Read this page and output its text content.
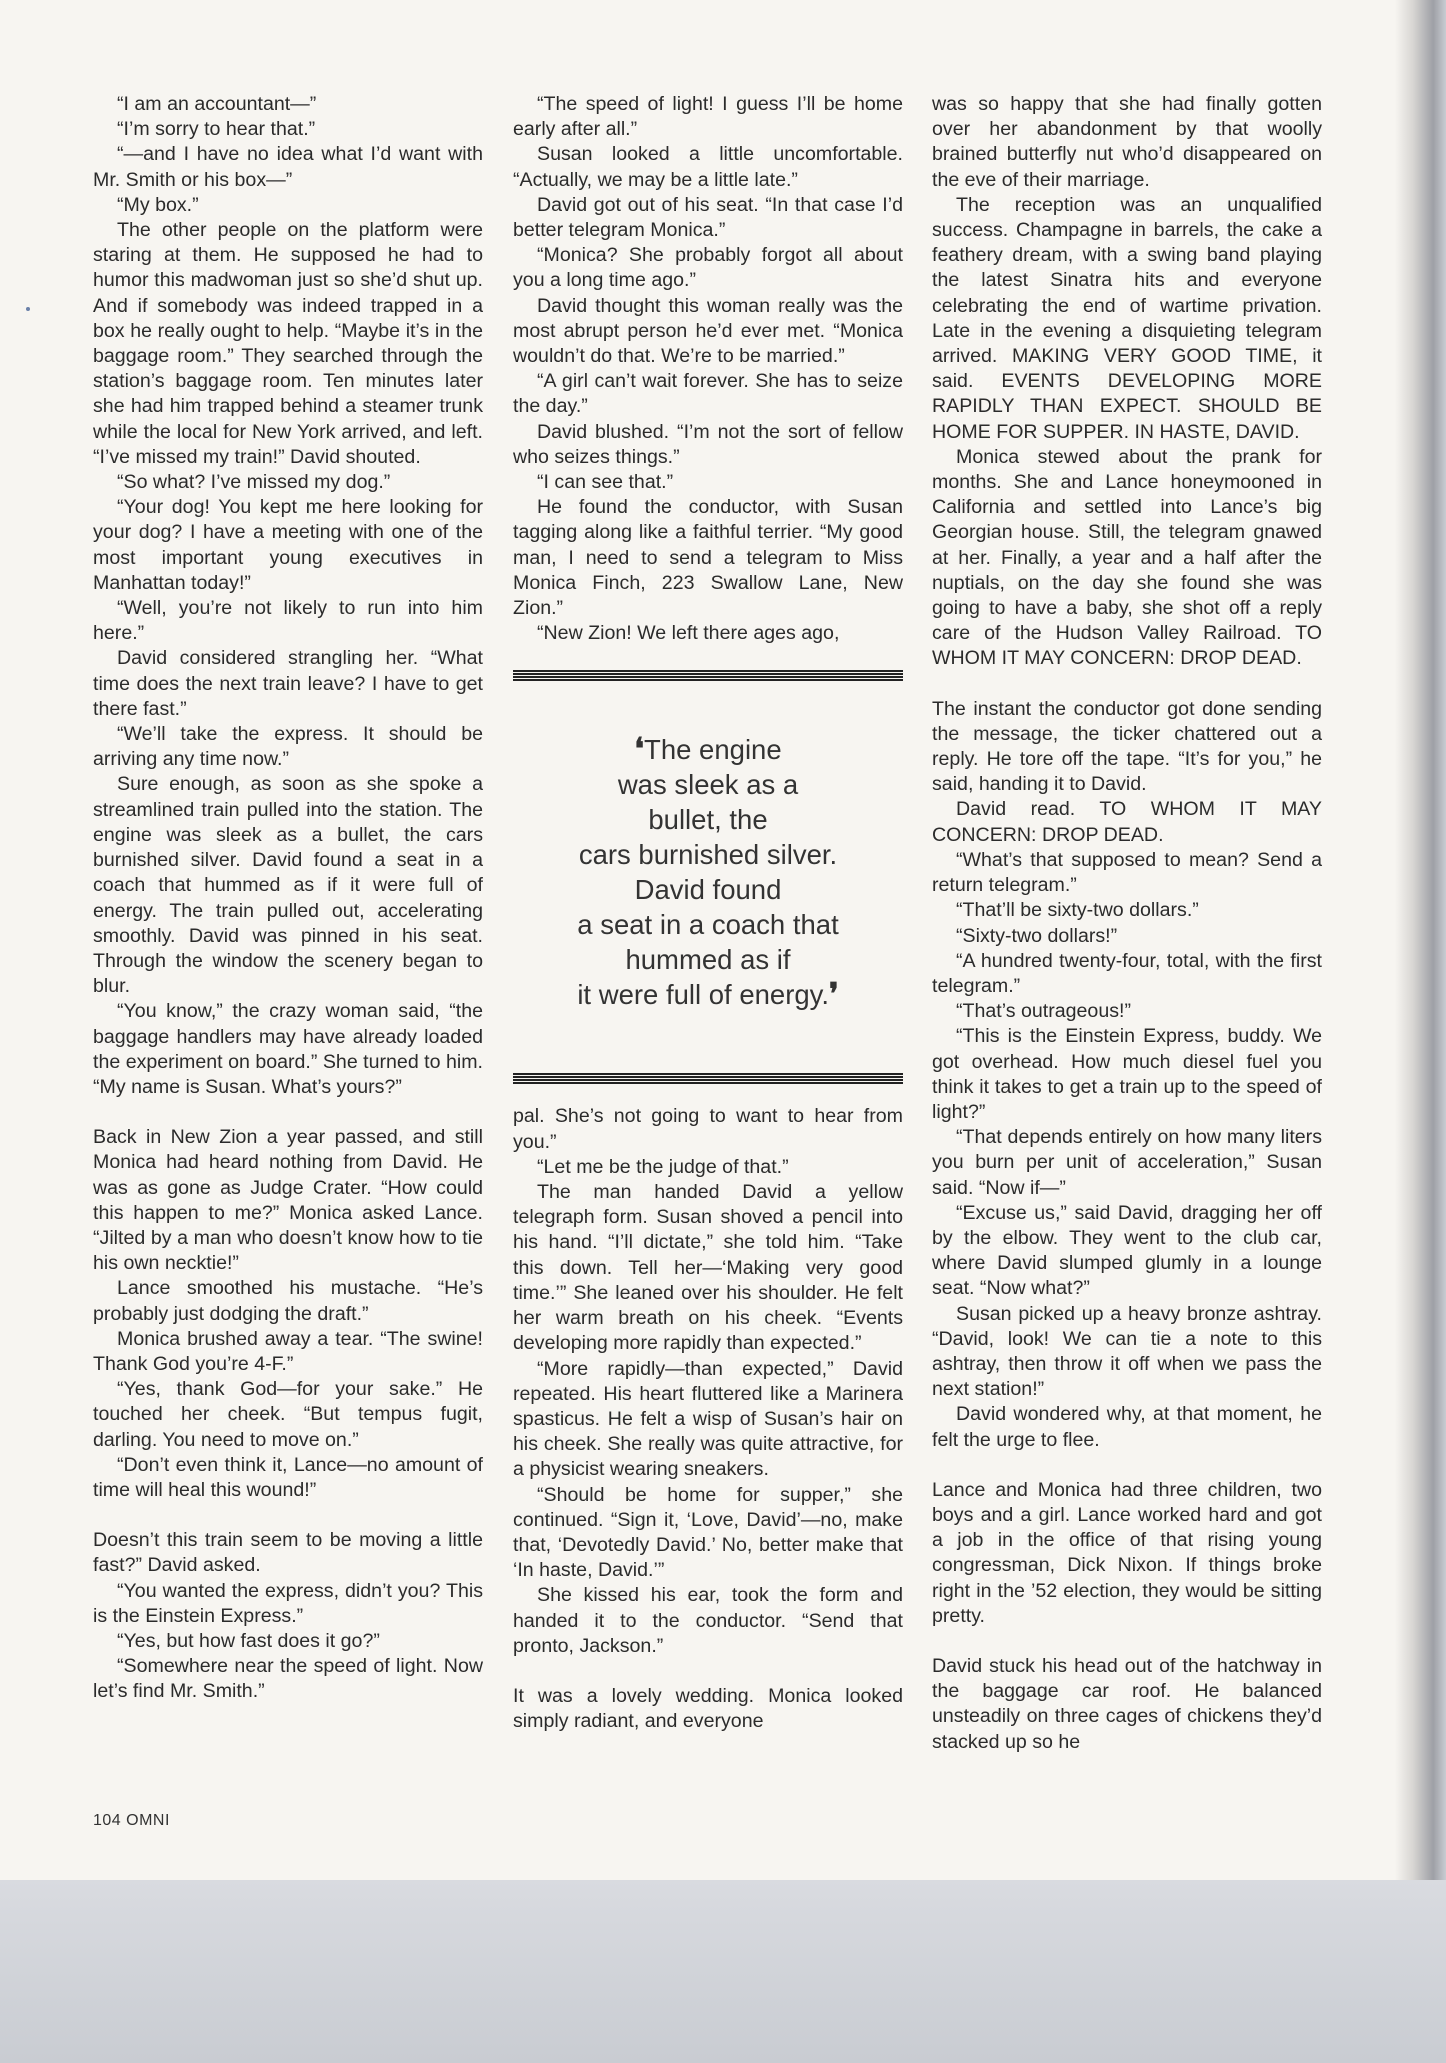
“I am an accountant—”

“I’m sorry to hear that.”

“—and I have no idea what I’d want with Mr. Smith or his box—”

“My box.”

The other people on the platform were staring at them. He supposed he had to humor this madwoman just so she’d shut up. And if somebody was indeed trapped in a box he really ought to help. “Maybe it’s in the baggage room.” They searched through the station’s baggage room. Ten minutes later she had him trapped behind a steamer trunk while the local for New York arrived, and left. “I’ve missed my train!” David shouted.

“So what? I’ve missed my dog.”

“Your dog! You kept me here looking for your dog? I have a meeting with one of the most important young executives in Manhattan today!”

“Well, you’re not likely to run into him here.”

David considered strangling her. “What time does the next train leave? I have to get there fast.”

“We’ll take the express. It should be arriving any time now.”

Sure enough, as soon as she spoke a streamlined train pulled into the station. The engine was sleek as a bullet, the cars burnished silver. David found a seat in a coach that hummed as if it were full of energy. The train pulled out, accelerating smoothly. David was pinned in his seat. Through the window the scenery began to blur.

“You know,” the crazy woman said, “the baggage handlers may have already loaded the experiment on board.” She turned to him. “My name is Susan. What’s yours?”

Back in New Zion a year passed, and still Monica had heard nothing from David. He was as gone as Judge Crater. “How could this happen to me?” Monica asked Lance. “Jilted by a man who doesn’t know how to tie his own necktie!”

Lance smoothed his mustache. “He’s probably just dodging the draft.”

Monica brushed away a tear. “The swine! Thank God you’re 4-F.”

“Yes, thank God—for your sake.” He touched her cheek. “But tempus fugit, darling. You need to move on.”

“Don’t even think it, Lance—no amount of time will heal this wound!”

Doesn’t this train seem to be moving a little fast?” David asked.

“You wanted the express, didn’t you? This is the Einstein Express.”

“Yes, but how fast does it go?”

“Somewhere near the speed of light. Now let’s find Mr. Smith.”

“The speed of light! I guess I’ll be home early after all.”

Susan looked a little uncomfortable. “Actually, we may be a little late.”

David got out of his seat. “In that case I’d better telegram Monica.”

“Monica? She probably forgot all about you a long time ago.”

David thought this woman really was the most abrupt person he’d ever met. “Monica wouldn’t do that. We’re to be married.”

“A girl can’t wait forever. She has to seize the day.”

David blushed. “I’m not the sort of fellow who seizes things.”

“I can see that.”

He found the conductor, with Susan tagging along like a faithful terrier. “My good man, I need to send a telegram to Miss Monica Finch, 223 Swallow Lane, New Zion.”

“New Zion! We left there ages ago,

❛The engine
was sleek as a
bullet, the
cars burnished silver.
David found
a seat in a coach that
hummed as if
it were full of energy.❜

pal. She’s not going to want to hear from you.”

“Let me be the judge of that.”

The man handed David a yellow telegraph form. Susan shoved a pencil into his hand. “I’ll dictate,” she told him. “Take this down. Tell her—‘Making very good time.’” She leaned over his shoulder. He felt her warm breath on his cheek. “Events developing more rapidly than expected.”

“More rapidly—than expected,” David repeated. His heart fluttered like a Marinera spasticus. He felt a wisp of Susan’s hair on his cheek. She really was quite attractive, for a physicist wearing sneakers.

“Should be home for supper,” she continued. “Sign it, ‘Love, David’—no, make that, ‘Devotedly David.’ No, better make that ‘In haste, David.’”

She kissed his ear, took the form and handed it to the conductor. “Send that pronto, Jackson.”

It was a lovely wedding. Monica looked simply radiant, and everyone

was so happy that she had finally gotten over her abandonment by that woolly brained butterfly nut who’d disappeared on the eve of their marriage.

The reception was an unqualified success. Champagne in barrels, the cake a feathery dream, with a swing band playing the latest Sinatra hits and everyone celebrating the end of wartime privation. Late in the evening a disquieting telegram arrived. MAKING VERY GOOD TIME, it said. EVENTS DEVELOPING MORE RAPIDLY THAN EXPECT. SHOULD BE HOME FOR SUPPER. IN HASTE, DAVID.

Monica stewed about the prank for months. She and Lance honeymooned in California and settled into Lance’s big Georgian house. Still, the telegram gnawed at her. Finally, a year and a half after the nuptials, on the day she found she was going to have a baby, she shot off a reply care of the Hudson Valley Railroad. TO WHOM IT MAY CONCERN: DROP DEAD.

The instant the conductor got done sending the message, the ticker chattered out a reply. He tore off the tape. “It’s for you,” he said, handing it to David.

David read. TO WHOM IT MAY CONCERN: DROP DEAD.

“What’s that supposed to mean? Send a return telegram.”

“That’ll be sixty-two dollars.”

“Sixty-two dollars!”

“A hundred twenty-four, total, with the first telegram.”

“That’s outrageous!”

“This is the Einstein Express, buddy. We got overhead. How much diesel fuel you think it takes to get a train up to the speed of light?”

“That depends entirely on how many liters you burn per unit of acceleration,” Susan said. “Now if—”

“Excuse us,” said David, dragging her off by the elbow. They went to the club car, where David slumped glumly in a lounge seat. “Now what?”

Susan picked up a heavy bronze ashtray. “David, look! We can tie a note to this ashtray, then throw it off when we pass the next station!”

David wondered why, at that moment, he felt the urge to flee.

Lance and Monica had three children, two boys and a girl. Lance worked hard and got a job in the office of that rising young congressman, Dick Nixon. If things broke right in the ’52 election, they would be sitting pretty.

David stuck his head out of the hatchway in the baggage car roof. He balanced unsteadily on three cages of chickens they’d stacked up so he

104 OMNI
